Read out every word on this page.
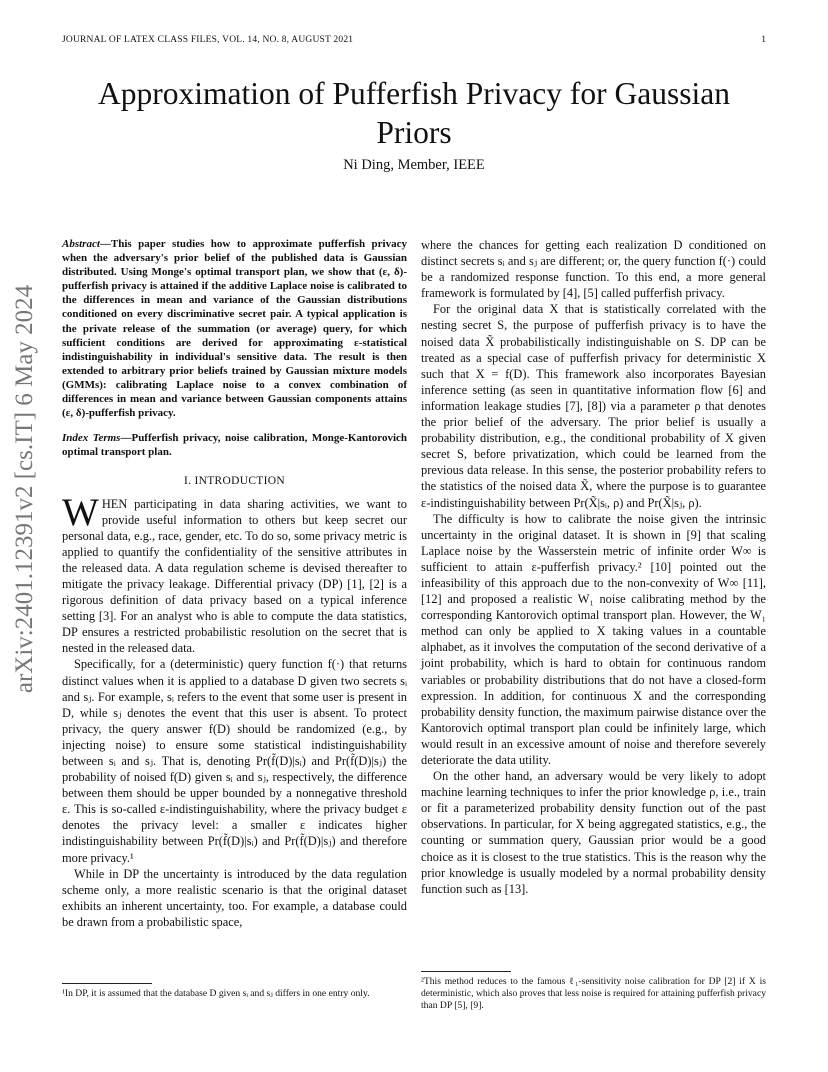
JOURNAL OF LATEX CLASS FILES, VOL. 14, NO. 8, AUGUST 2021	1
arXiv:2401.12391v2 [cs.IT] 6 May 2024
Approximation of Pufferfish Privacy for Gaussian Priors
Ni Ding, Member, IEEE

Abstract—This paper studies how to approximate pufferfish privacy when the adversary's prior belief of the published data is Gaussian distributed. Using Monge's optimal transport plan, we show that (ε, δ)-pufferfish privacy is attained if the additive Laplace noise is calibrated to the differences in mean and variance of the Gaussian distributions conditioned on every discriminative secret pair. A typical application is the private release of the summation (or average) query, for which sufficient conditions are derived for approximating ε-statistical indistinguishability in individual's sensitive data. The result is then extended to arbitrary prior beliefs trained by Gaussian mixture models (GMMs): calibrating Laplace noise to a convex combination of differences in mean and variance between Gaussian components attains (ε, δ)-pufferfish privacy.

Index Terms—Pufferfish privacy, noise calibration, Monge-Kantorovich optimal transport plan.

I. INTRODUCTION

WHEN participating in data sharing activities, we want to provide useful information to others but keep secret our personal data, e.g., race, gender, etc. To do so, some privacy metric is applied to quantify the confidentiality of the sensitive attributes in the released data. A data regulation scheme is devised thereafter to mitigate the privacy leakage. Differential privacy (DP) [1], [2] is a rigorous definition of data privacy based on a typical inference setting [3]. For an analyst who is able to compute the data statistics, DP ensures a restricted probabilistic resolution on the secret that is nested in the released data.

Specifically, for a (deterministic) query function f(·) that returns distinct values when it is applied to a database D given two secrets sᵢ and sⱼ. For example, sᵢ refers to the event that some user is present in D, while sⱼ denotes the event that this user is absent. To protect privacy, the query answer f(D) should be randomized (e.g., by injecting noise) to ensure some statistical indistinguishability between sᵢ and sⱼ. That is, denoting Pr(f̃(D)|sᵢ) and Pr(f̃(D)|sⱼ) the probability of noised f(D) given sᵢ and sⱼ, respectively, the difference between them should be upper bounded by a nonnegative threshold ε. This is so-called ε-indistinguishability, where the privacy budget ε denotes the privacy level: a smaller ε indicates higher indistinguishability between Pr(f̃(D)|sᵢ) and Pr(f̃(D)|sⱼ) and therefore more privacy.¹

While in DP the uncertainty is introduced by the data regulation scheme only, a more realistic scenario is that the original dataset exhibits an inherent uncertainty, too. For example, a database could be drawn from a probabilistic space,

where the chances for getting each realization D conditioned on distinct secrets sᵢ and sⱼ are different; or, the query function f(·) could be a randomized response function. To this end, a more general framework is formulated by [4], [5] called pufferfish privacy.

For the original data X that is statistically correlated with the nesting secret S, the purpose of pufferfish privacy is to have the noised data X̃ probabilistically indistinguishable on S. DP can be treated as a special case of pufferfish privacy for deterministic X such that X = f(D). This framework also incorporates Bayesian inference setting (as seen in quantitative information flow [6] and information leakage studies [7], [8]) via a parameter ρ that denotes the prior belief of the adversary. The prior belief is usually a probability distribution, e.g., the conditional probability of X given secret S, before privatization, which could be learned from the previous data release. In this sense, the posterior probability refers to the statistics of the noised data X̃, where the purpose is to guarantee ε-indistinguishability between Pr(X̃|sᵢ, ρ) and Pr(X̃|sⱼ, ρ).

The difficulty is how to calibrate the noise given the intrinsic uncertainty in the original dataset. It is shown in [9] that scaling Laplace noise by the Wasserstein metric of infinite order W∞ is sufficient to attain ε-pufferfish privacy.² [10] pointed out the infeasibility of this approach due to the non-convexity of W∞ [11], [12] and proposed a realistic W₁ noise calibrating method by the corresponding Kantorovich optimal transport plan. However, the W₁ method can only be applied to X taking values in a countable alphabet, as it involves the computation of the second derivative of a joint probability, which is hard to obtain for continuous random variables or probability distributions that do not have a closed-form expression. In addition, for continuous X and the corresponding probability density function, the maximum pairwise distance over the Kantorovich optimal transport plan could be infinitely large, which would result in an excessive amount of noise and therefore severely deteriorate the data utility.

On the other hand, an adversary would be very likely to adopt machine learning techniques to infer the prior knowledge ρ, i.e., train or fit a parameterized probability density function out of the past observations. In particular, for X being aggregated statistics, e.g., the counting or summation query, Gaussian prior would be a good choice as it is closest to the true statistics. This is the reason why the prior knowledge is usually modeled by a normal probability density function such as [13].

¹In DP, it is assumed that the database D given sᵢ and sⱼ differs in one entry only.
²This method reduces to the famous ℓ₁-sensitivity noise calibration for DP [2] if X is deterministic, which also proves that less noise is required for attaining pufferfish privacy than DP [5], [9].
